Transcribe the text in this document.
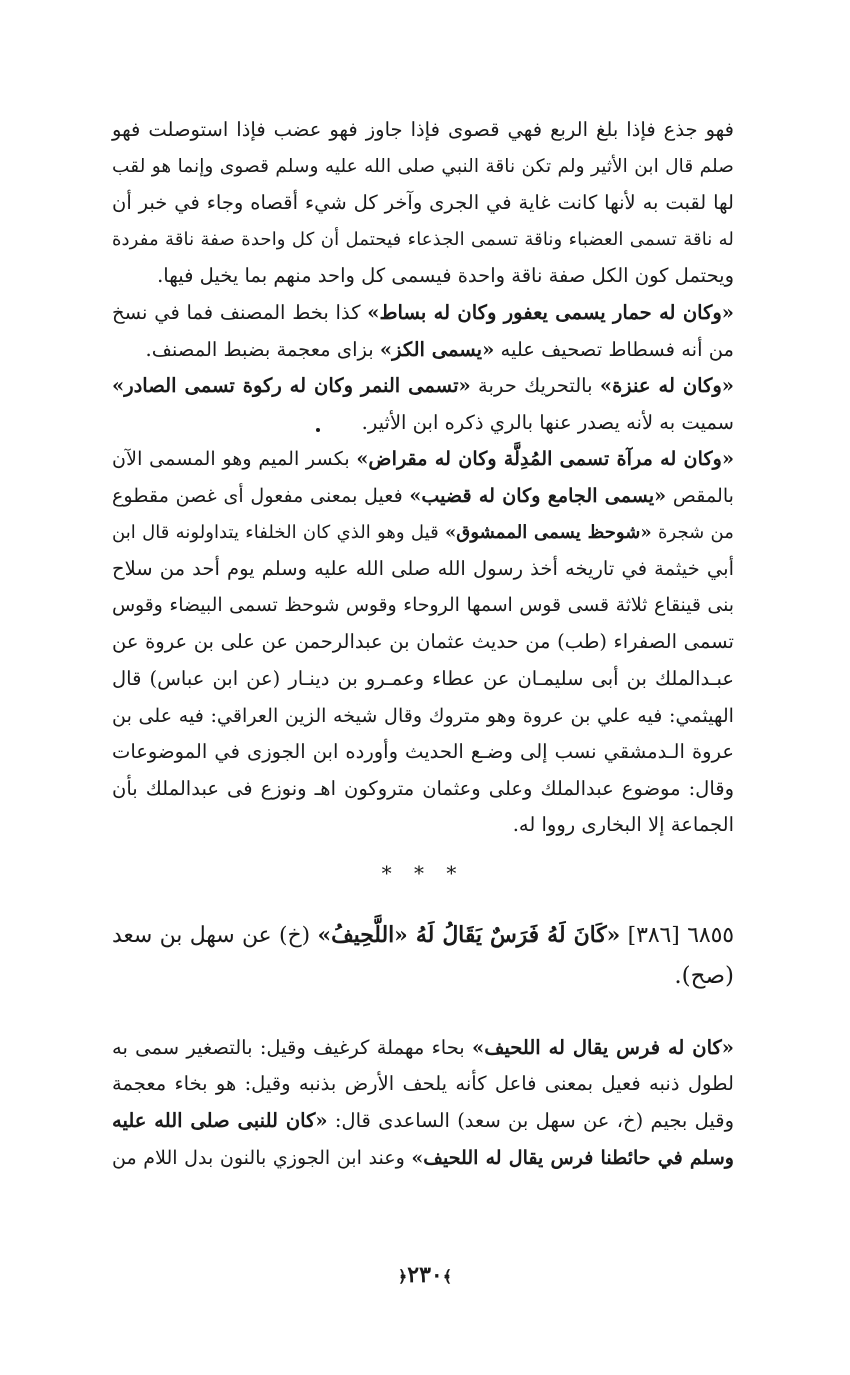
فهو جذع فإذا بلغ الربع فهي قصوى فإذا جاوز فهو عضب فإذا استوصلت فهو
صلم قال ابن الأثير ولم تكن ناقة النبي صلى الله عليه وسلم قصوى وإنما هو لقب
لها لقبت به لأنها كانت غاية في الجرى وآخر كل شيء أقصاه وجاء في خبر أن
له ناقة تسمى العضباء وناقة تسمى الجذعاء فيحتمل أن كل واحدة صفة ناقة مفردة
ويحتمل كون الكل صفة ناقة واحدة فيسمى كل واحد منهم بما يخيل فيها.

«وكان له حمار يسمى يعفور وكان له بساط» كذا بخط المصنف فما في نسخ
من أنه فسطاط تصحيف عليه «يسمى الكز» بزاى معجمة بضبط المصنف.

«وكان له عنزة» بالتحريك حربة «تسمى النمر وكان له ركوة تسمى الصادر»
سميت به لأنه يصدر عنها بالري ذكره ابن الأثير.

«وكان له مرآة تسمى المُدِلَّة وكان له مقراض» بكسر الميم وهو المسمى الآن
بالمقص «يسمى الجامع وكان له قضيب» فعيل بمعنى مفعول أى غصن مقطوع
من شجرة «شوحظ يسمى الممشوق» قيل وهو الذي كان الخلفاء يتداولونه قال ابن
أبي خيثمة في تاريخه أخذ رسول الله صلى الله عليه وسلم يوم أحد من سلاح
بنى قينقاع ثلاثة قسى قوس اسمها الروحاء وقوس شوحظ تسمى البيضاء وقوس
تسمى الصفراء (طب) من حديث عثمان بن عبدالرحمن عن على بن عروة عن
عبـدالملك بن أبى سليمـان عن عطاء وعمـرو بن دينـار (عن ابن عباس) قال
الهيثمي: فيه علي بن عروة وهو متروك وقال شيخه الزين العراقي: فيه على بن
عروة الـدمشقي نسب إلى وضـع الحديث وأورده ابن الجوزى في الموضوعات
وقال: موضوع عبدالملك وعلى وعثمان متروكون اهـ ونوزع فى عبدالملك بأن
الجماعة إلا البخارى رووا له.

* * *

٦٨٥٥ [٣٨٦] «كَانَ لَهُ فَرَسٌ يَقَالُ لَهُ «اللَّحِيفُ» (خ) عن سهل بن سعد
(صح).

«كان له فرس يقال له اللحيف» بحاء مهملة كرغيف وقيل: بالتصغير سمى به
لطول ذنبه فعيل بمعنى فاعل كأنه يلحف الأرض بذنبه وقيل: هو بخاء معجمة
وقيل بجيم (خ، عن سهل بن سعد) الساعدى قال: «كان للنبى صلى الله عليه
وسلم في حائطنا فرس يقال له اللحيف» وعند ابن الجوزي بالنون بدل اللام من

﴾٢٣٠﴿
